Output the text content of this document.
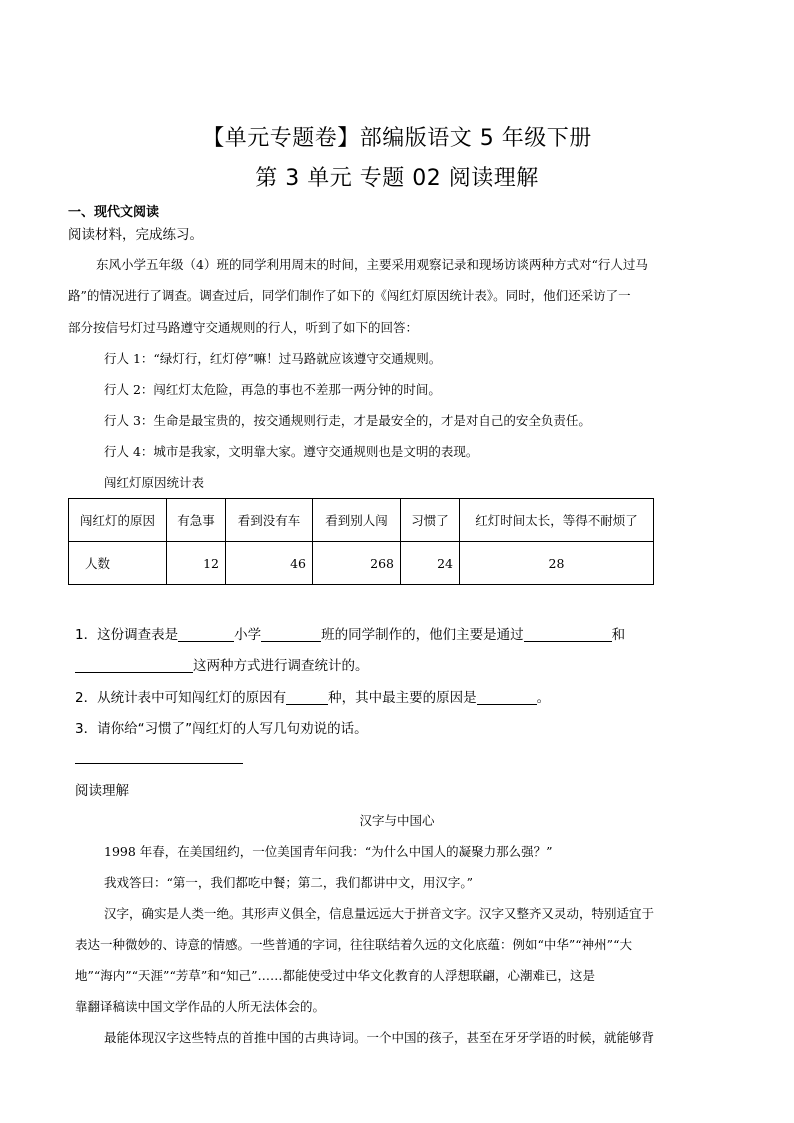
【单元专题卷】部编版语文 5 年级下册
第 3 单元 专题 02 阅读理解
一、现代文阅读
阅读材料，完成练习。
东风小学五年级（4）班的同学利用周末的时间，主要采用观察记录和现场访谈两种方式对“行人过马
路”的情况进行了调查。调查过后，同学们制作了如下的《闯红灯原因统计表》。同时，他们还采访了一
部分按信号灯过马路遵守交通规则的行人，听到了如下的回答：
行人 1：“绿灯行，红灯停”嘛！过马路就应该遵守交通规则。
行人 2：闯红灯太危险，再急的事也不差那一两分钟的时间。
行人 3：生命是最宝贵的，按交通规则行走，才是最安全的，才是对自己的安全负责任。
行人 4：城市是我家，文明靠大家。遵守交通规则也是文明的表现。
闯红灯原因统计表
闯红灯的原因	有急事	看到没有车	看到别人闯	习惯了	红灯时间太长，等得不耐烦了
人数	12	46	268	24	28
1．这份调查表是	小学	班的同学制作的，他们主要是通过	和
这两种方式进行调查统计的。
2．从统计表中可知闯红灯的原因有	种，其中最主要的原因是	。
3．请你给“习惯了”闯红灯的人写几句劝说的话。
阅读理解
汉字与中国心
1998 年春，在美国纽约，一位美国青年问我：“为什么中国人的凝聚力那么强？”
我戏答曰：“第一，我们都吃中餐；第二，我们都讲中文，用汉字。”
汉字，确实是人类一绝。其形声义俱全，信息量远远大于拼音文字。汉字又整齐又灵动，特别适宜于
表达一种微妙的、诗意的情感。一些普通的字词，往往联结着久远的文化底蕴：例如“中华”“神州”“大
地”“海内”“天涯”“芳草”和“知己”……都能使受过中华文化教育的人浮想联翩，心潮难已，这是
靠翻译稿读中国文学作品的人所无法体会的。
最能体现汉字这些特点的首推中国的古典诗词。一个中国的孩子，甚至在牙牙学语的时候，就能够背
